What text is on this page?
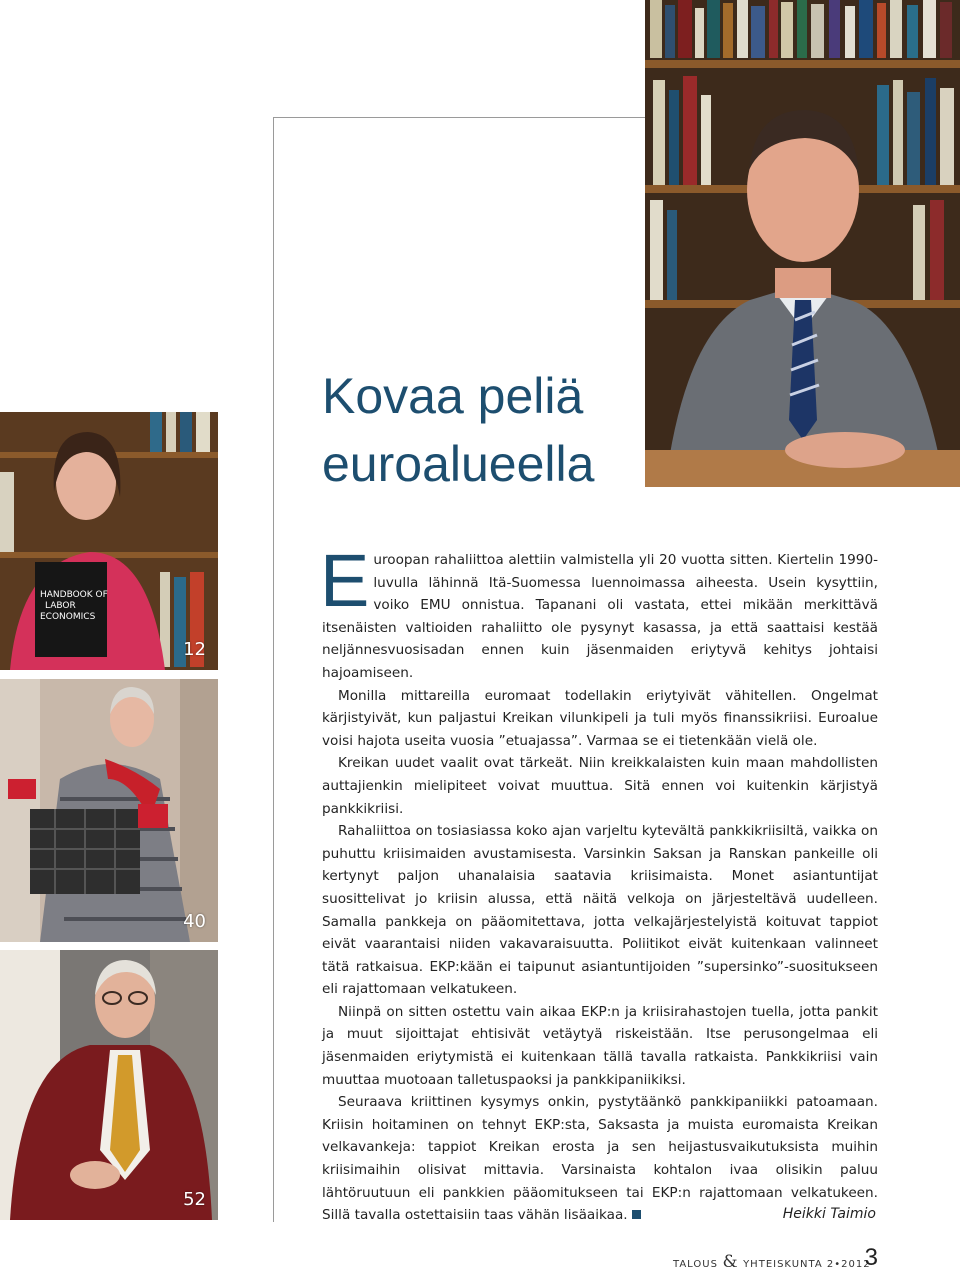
HANDBOOK OF
LABOR
ECONOMICS
12
40
52
Kovaa peliä
euroalueella

Euroopan rahaliittoa alettiin valmistella yli 20 vuotta sitten. Kiertelin 1990-luvulla lähinnä Itä-Suomessa luennoimassa aiheesta. Usein kysyttiin, voiko EMU onnistua. Tapanani oli vastata, ettei mikään merkittävä itsenäisten valtioiden rahaliitto ole pysynyt kasassa, ja että saattaisi kestää neljännesvuosisadan ennen kuin jäsenmaiden eriytyvä kehitys johtaisi hajoamiseen.

Monilla mittareilla euromaat todellakin eriytyivät vähitellen. Ongelmat kärjistyivät, kun paljastui Kreikan vilunkipeli ja tuli myös finanssikriisi. Euroalue voisi hajota useita vuosia ”etuajassa”. Varmaa se ei tietenkään vielä ole.

Kreikan uudet vaalit ovat tärkeät. Niin kreikkalaisten kuin maan mahdollisten auttajienkin mielipiteet voivat muuttua. Sitä ennen voi kuitenkin kärjistyä pankkikriisi.

Rahaliittoa on tosiasiassa koko ajan varjeltu kytevältä pankkikriisiltä, vaikka on puhuttu kriisimaiden avustamisesta. Varsinkin Saksan ja Ranskan pankeille oli kertynyt paljon uhanalaisia saatavia kriisimaista. Monet asiantuntijat suosittelivat jo kriisin alussa, että näitä velkoja on järjesteltävä uudelleen. Samalla pankkeja on pääomitettava, jotta velkajärjestelyistä koituvat tappiot eivät vaarantaisi niiden vakavaraisuutta. Poliitikot eivät kuitenkaan valinneet tätä ratkaisua. EKP:kään ei taipunut asiantuntijoiden ”supersinko”-suositukseen eli rajattomaan velkatukeen.

Niinpä on sitten ostettu vain aikaa EKP:n ja kriisirahastojen tuella, jotta pankit ja muut sijoittajat ehtisivät vetäytyä riskeistään. Itse perusongelmaa eli jäsenmaiden eriytymistä ei kuitenkaan tällä tavalla ratkaista. Pankkikriisi vain muuttaa muotoaan talletuspaoksi ja pankkipaniikiksi.

Seuraava kriittinen kysymys onkin, pystytäänkö pankkipaniikki patoamaan. Kriisin hoitaminen on tehnyt EKP:sta, Saksasta ja muista euromaista Kreikan velkavankeja: tappiot Kreikan erosta ja sen heijastusvaikutuksista muihin kriisimaihin olisivat mittavia. Varsinaista kohtalon ivaa olisikin paluu lähtöruutuun eli pankkien pääomitukseen tai EKP:n rajattomaan velkatukeen. Sillä tavalla ostettaisiin taas vähän lisäaikaa.	Heikki Taimio
TALOUS & YHTEISKUNTA 2•2012
3
